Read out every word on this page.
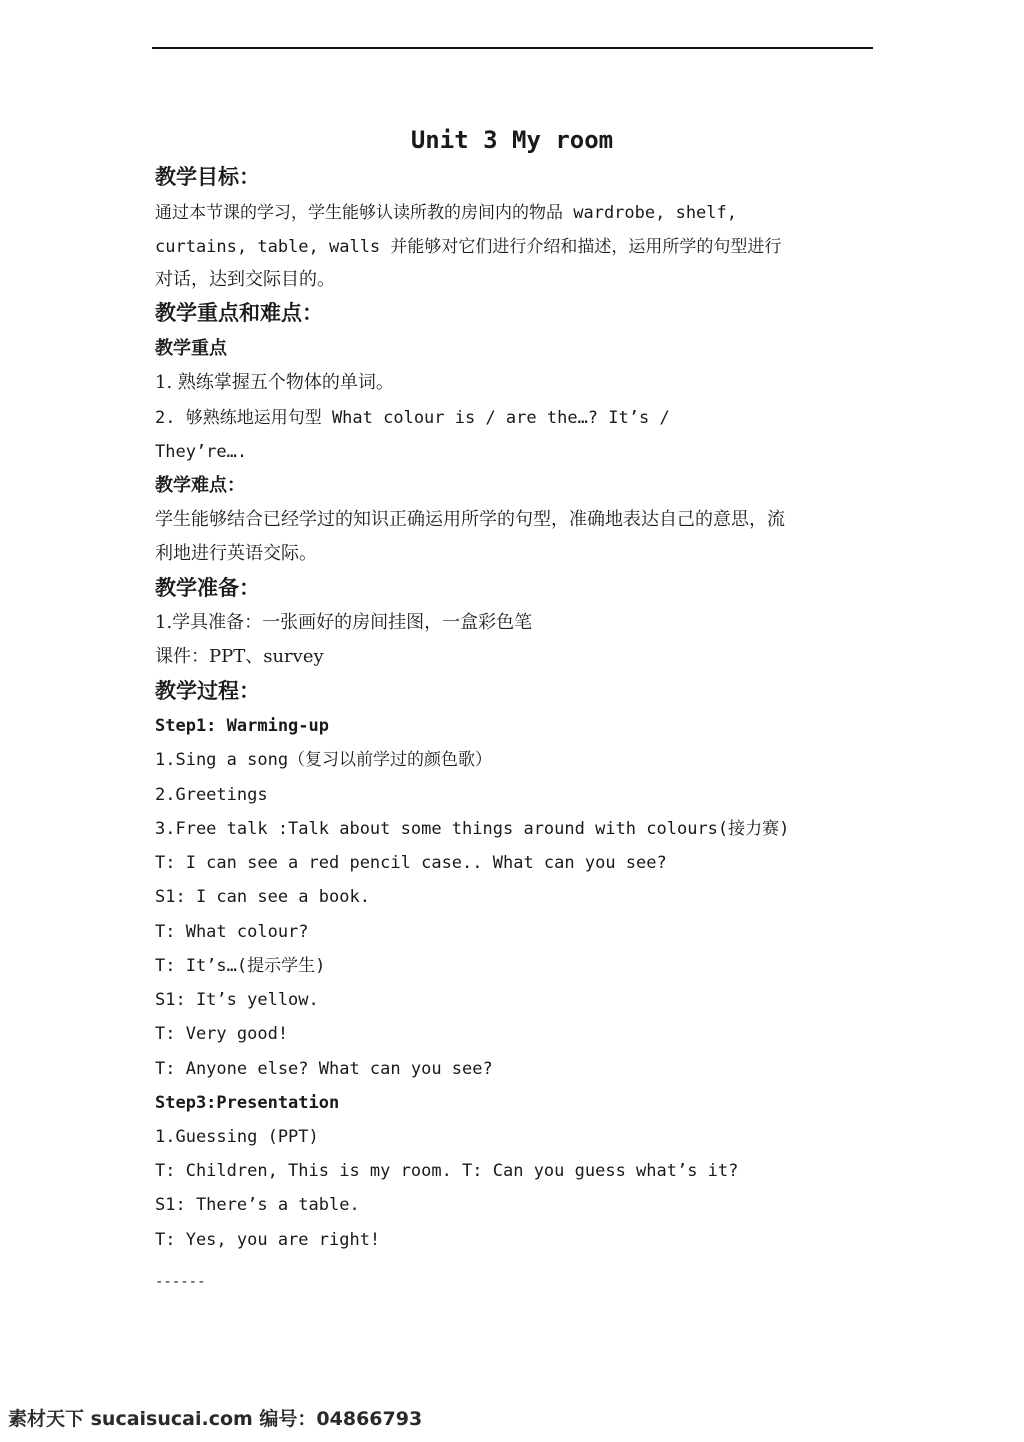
Unit 3 My room
教学目标：
通过本节课的学习，学生能够认读所教的房间内的物品 wardrobe, shelf,
curtains, table, walls 并能够对它们进行介绍和描述，运用所学的句型进行
对话，达到交际目的。
教学重点和难点：
教学重点
1. 熟练掌握五个物体的单词。
2. 够熟练地运用句型 What colour is / are the…? It’s /
They’re….
教学难点：
学生能够结合已经学过的知识正确运用所学的句型，准确地表达自己的意思，流
利地进行英语交际。
教学准备：
1.学具准备：一张画好的房间挂图，一盒彩色笔
课件：PPT、survey
教学过程：
Step1: Warming-up
1.Sing a song（复习以前学过的颜色歌）
2.Greetings
3.Free talk :Talk about some things around with colours(接力赛)
T: I can see a red pencil case.. What can you see?
S1: I can see a book.
T: What colour?
T: It’s…(提示学生)
S1: It’s yellow.
T: Very good!
T: Anyone else? What can you see?
Step3:Presentation
1.Guessing (PPT)
T: Children, This is my room. T: Can you guess what’s it?
S1: There’s a table.
T: Yes, you are right!
------
素材天下 sucaisucai.com 编号：04866793
